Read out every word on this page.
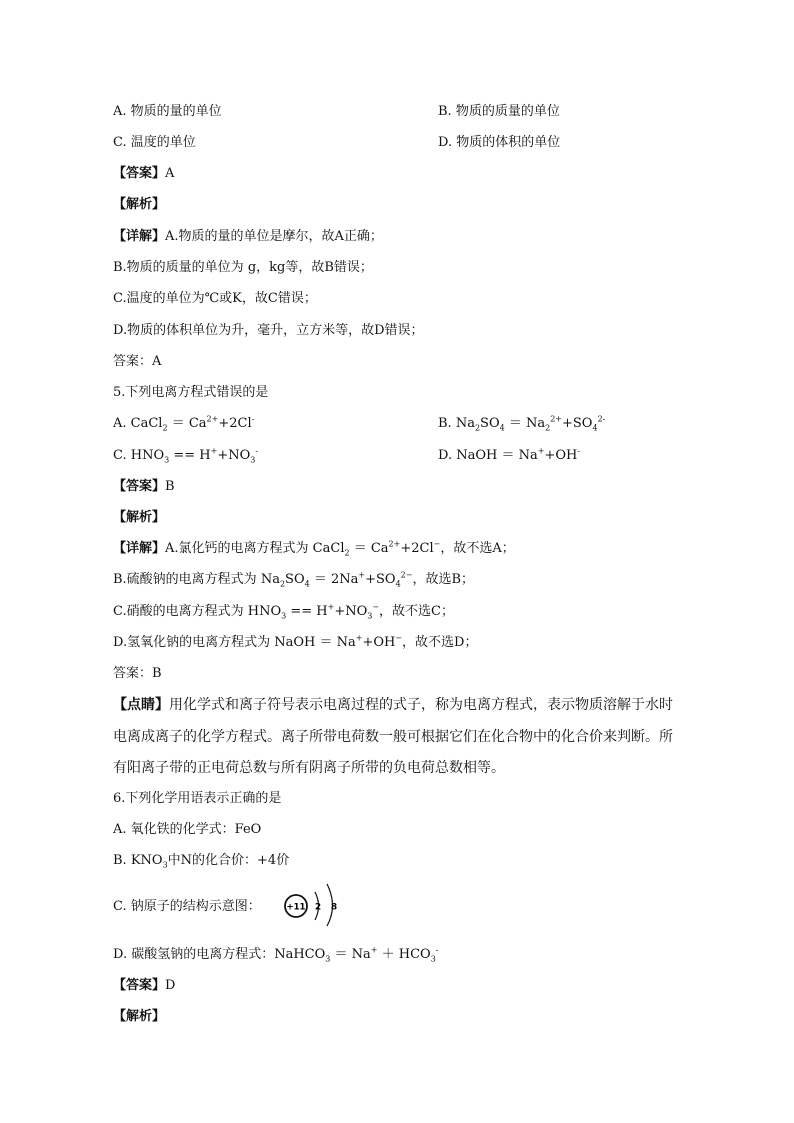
A. 物质的量的单位	B. 物质的质量的单位
C. 温度的单位	D. 物质的体积的单位
【答案】A
【解析】
【详解】A.物质的量的单位是摩尔，故A正确；
B.物质的质量的单位为 g，kg等，故B错误；
C.温度的单位为℃或K，故C错误；
D.物质的体积单位为升，毫升，立方米等，故D错误；
答案：A
5.下列电离方程式错误的是
A. CaCl$_2$ ＝ $Ca^{2+}+2Cl^-$	B. $Na_2SO_4 = Na_2^{2+}+SO_4^{2-}$
C. $HNO_3 == H^++NO_3^-$	D. NaOH ＝ Na++OH-
【答案】B
【解析】
【详解】A.氯化钙的电离方程式为 CaCl$_2$ ＝ $Ca^{2+}+2Cl^-$，故不选A；
B.硫酸钠的电离方程式为 $Na_2SO_4 = 2Na^++SO_4^{2-}$，故选B；
C.硝酸的电离方程式为 $HNO_3 == H^++NO_3^-$，故不选C；
D.氢氧化钠的电离方程式为 NaOH ＝ Na++OH−，故不选D；
答案：B
【点睛】用化学式和离子符号表示电离过程的式子，称为电离方程式，表示物质溶解于水时
电离成离子的化学方程式。离子所带电荷数一般可根据它们在化合物中的化合价来判断。所
有阳离子带的正电荷总数与所有阴离子所带的负电荷总数相等。
6.下列化学用语表示正确的是
A. 氧化铁的化学式：FeO
B. $KNO_3$中N的化合价：+4价
C. 钠原子的结构示意图：	+11 2 8
D. 碳酸氢钠的电离方程式：NaHCO$_3$ ＝ $Na^+ + HCO_3^-$
【答案】D
【解析】
